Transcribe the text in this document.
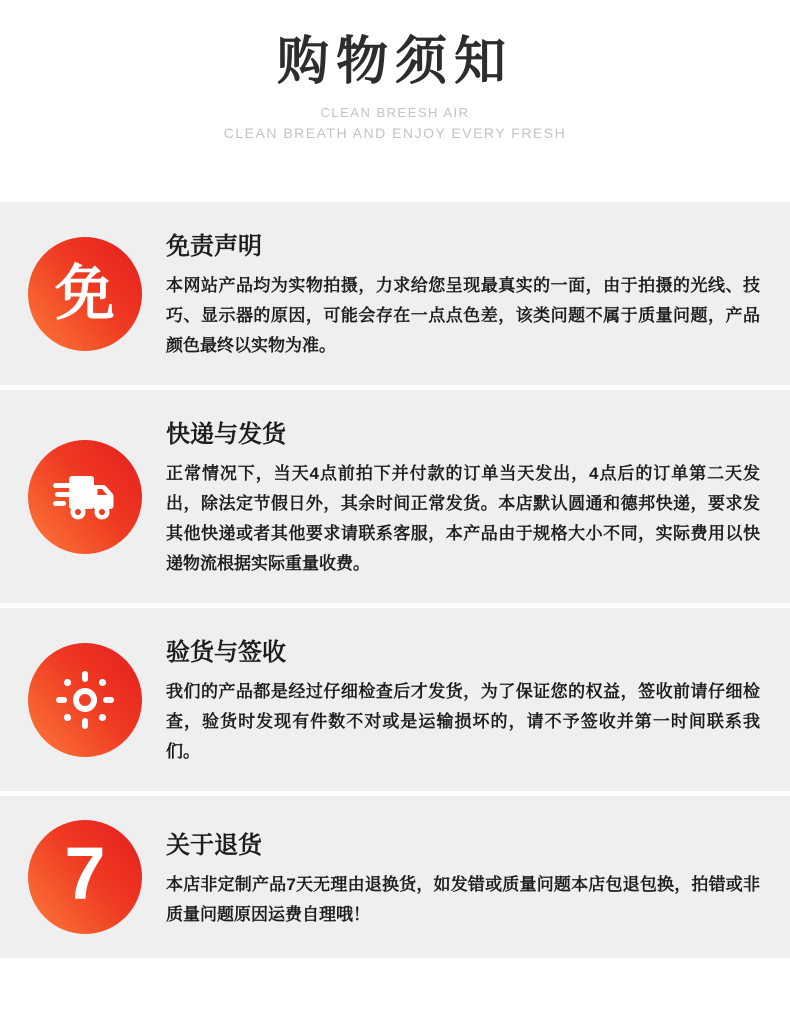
购物须知
CLEAN BREESH AIR
CLEAN BREATH AND ENJOY EVERY FRESH
免
免责声明
本网站产品均为实物拍摄，力求给您呈现最真实的一面，由于拍摄的光线、技巧、显示器的原因，可能会存在一点点色差，该类问题不属于质量问题，产品颜色最终以实物为准。
快递与发货
正常情况下，当天4点前拍下并付款的订单当天发出，4点后的订单第二天发出，除法定节假日外，其余时间正常发货。本店默认圆通和德邦快递，要求发其他快递或者其他要求请联系客服，本产品由于规格大小不同，实际费用以快递物流根据实际重量收费。
验货与签收
我们的产品都是经过仔细检查后才发货，为了保证您的权益，签收前请仔细检查，验货时发现有件数不对或是运输损坏的，请不予签收并第一时间联系我们。
7	关于退货
本店非定制产品7天无理由退换货，如发错或质量问题本店包退包换，拍错或非质量问题原因运费自理哦！
